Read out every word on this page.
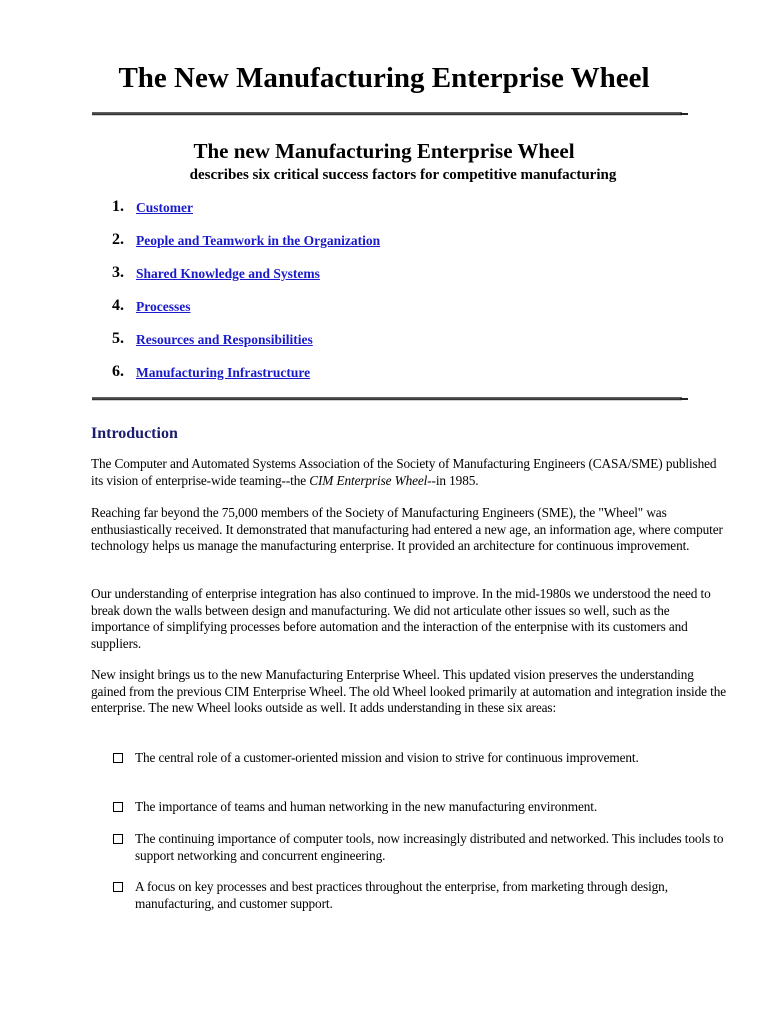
The New Manufacturing Enterprise Wheel
The new Manufacturing Enterprise Wheel
describes six critical success factors for competitive manufacturing
1. Customer
2. People and Teamwork in the Organization
3. Shared Knowledge and Systems
4. Processes
5. Resources and Responsibilities
6. Manufacturing Infrastructure
Introduction

The Computer and Automated Systems Association of the Society of Manufacturing Engineers (CASA/SME) published its vision of enterprise-wide teaming--the CIM Enterprise Wheel--in 1985.

Reaching far beyond the 75,000 members of the Society of Manufacturing Engineers (SME), the "Wheel" was enthusiastically received. It demonstrated that manufacturing had entered a new age, an information age, where computer technology helps us manage the manufacturing enterprise. It provided an architecture for continuous improvement.

Our understanding of enterprise integration has also continued to improve. In the mid-1980s we understood the need to break down the walls between design and manufacturing. We did not articulate other issues so well, such as the importance of simplifying processes before automation and the interaction of the enterpnise with its customers and suppliers.

New insight brings us to the new Manufacturing Enterprise Wheel. This updated vision preserves the understanding gained from the previous CIM Enterprise Wheel. The old Wheel looked primarily at automation and integration inside the enterprise. The new Wheel looks outside as well. It adds understanding in these six areas:

The central role of a customer-oriented mission and vision to strive for continuous improvement.
The importance of teams and human networking in the new manufacturing environment.
The continuing importance of computer tools, now increasingly distributed and networked. This includes tools to support networking and concurrent engineering.
A focus on key processes and best practices throughout the enterprise, from marketing through design, manufacturing, and customer support.
